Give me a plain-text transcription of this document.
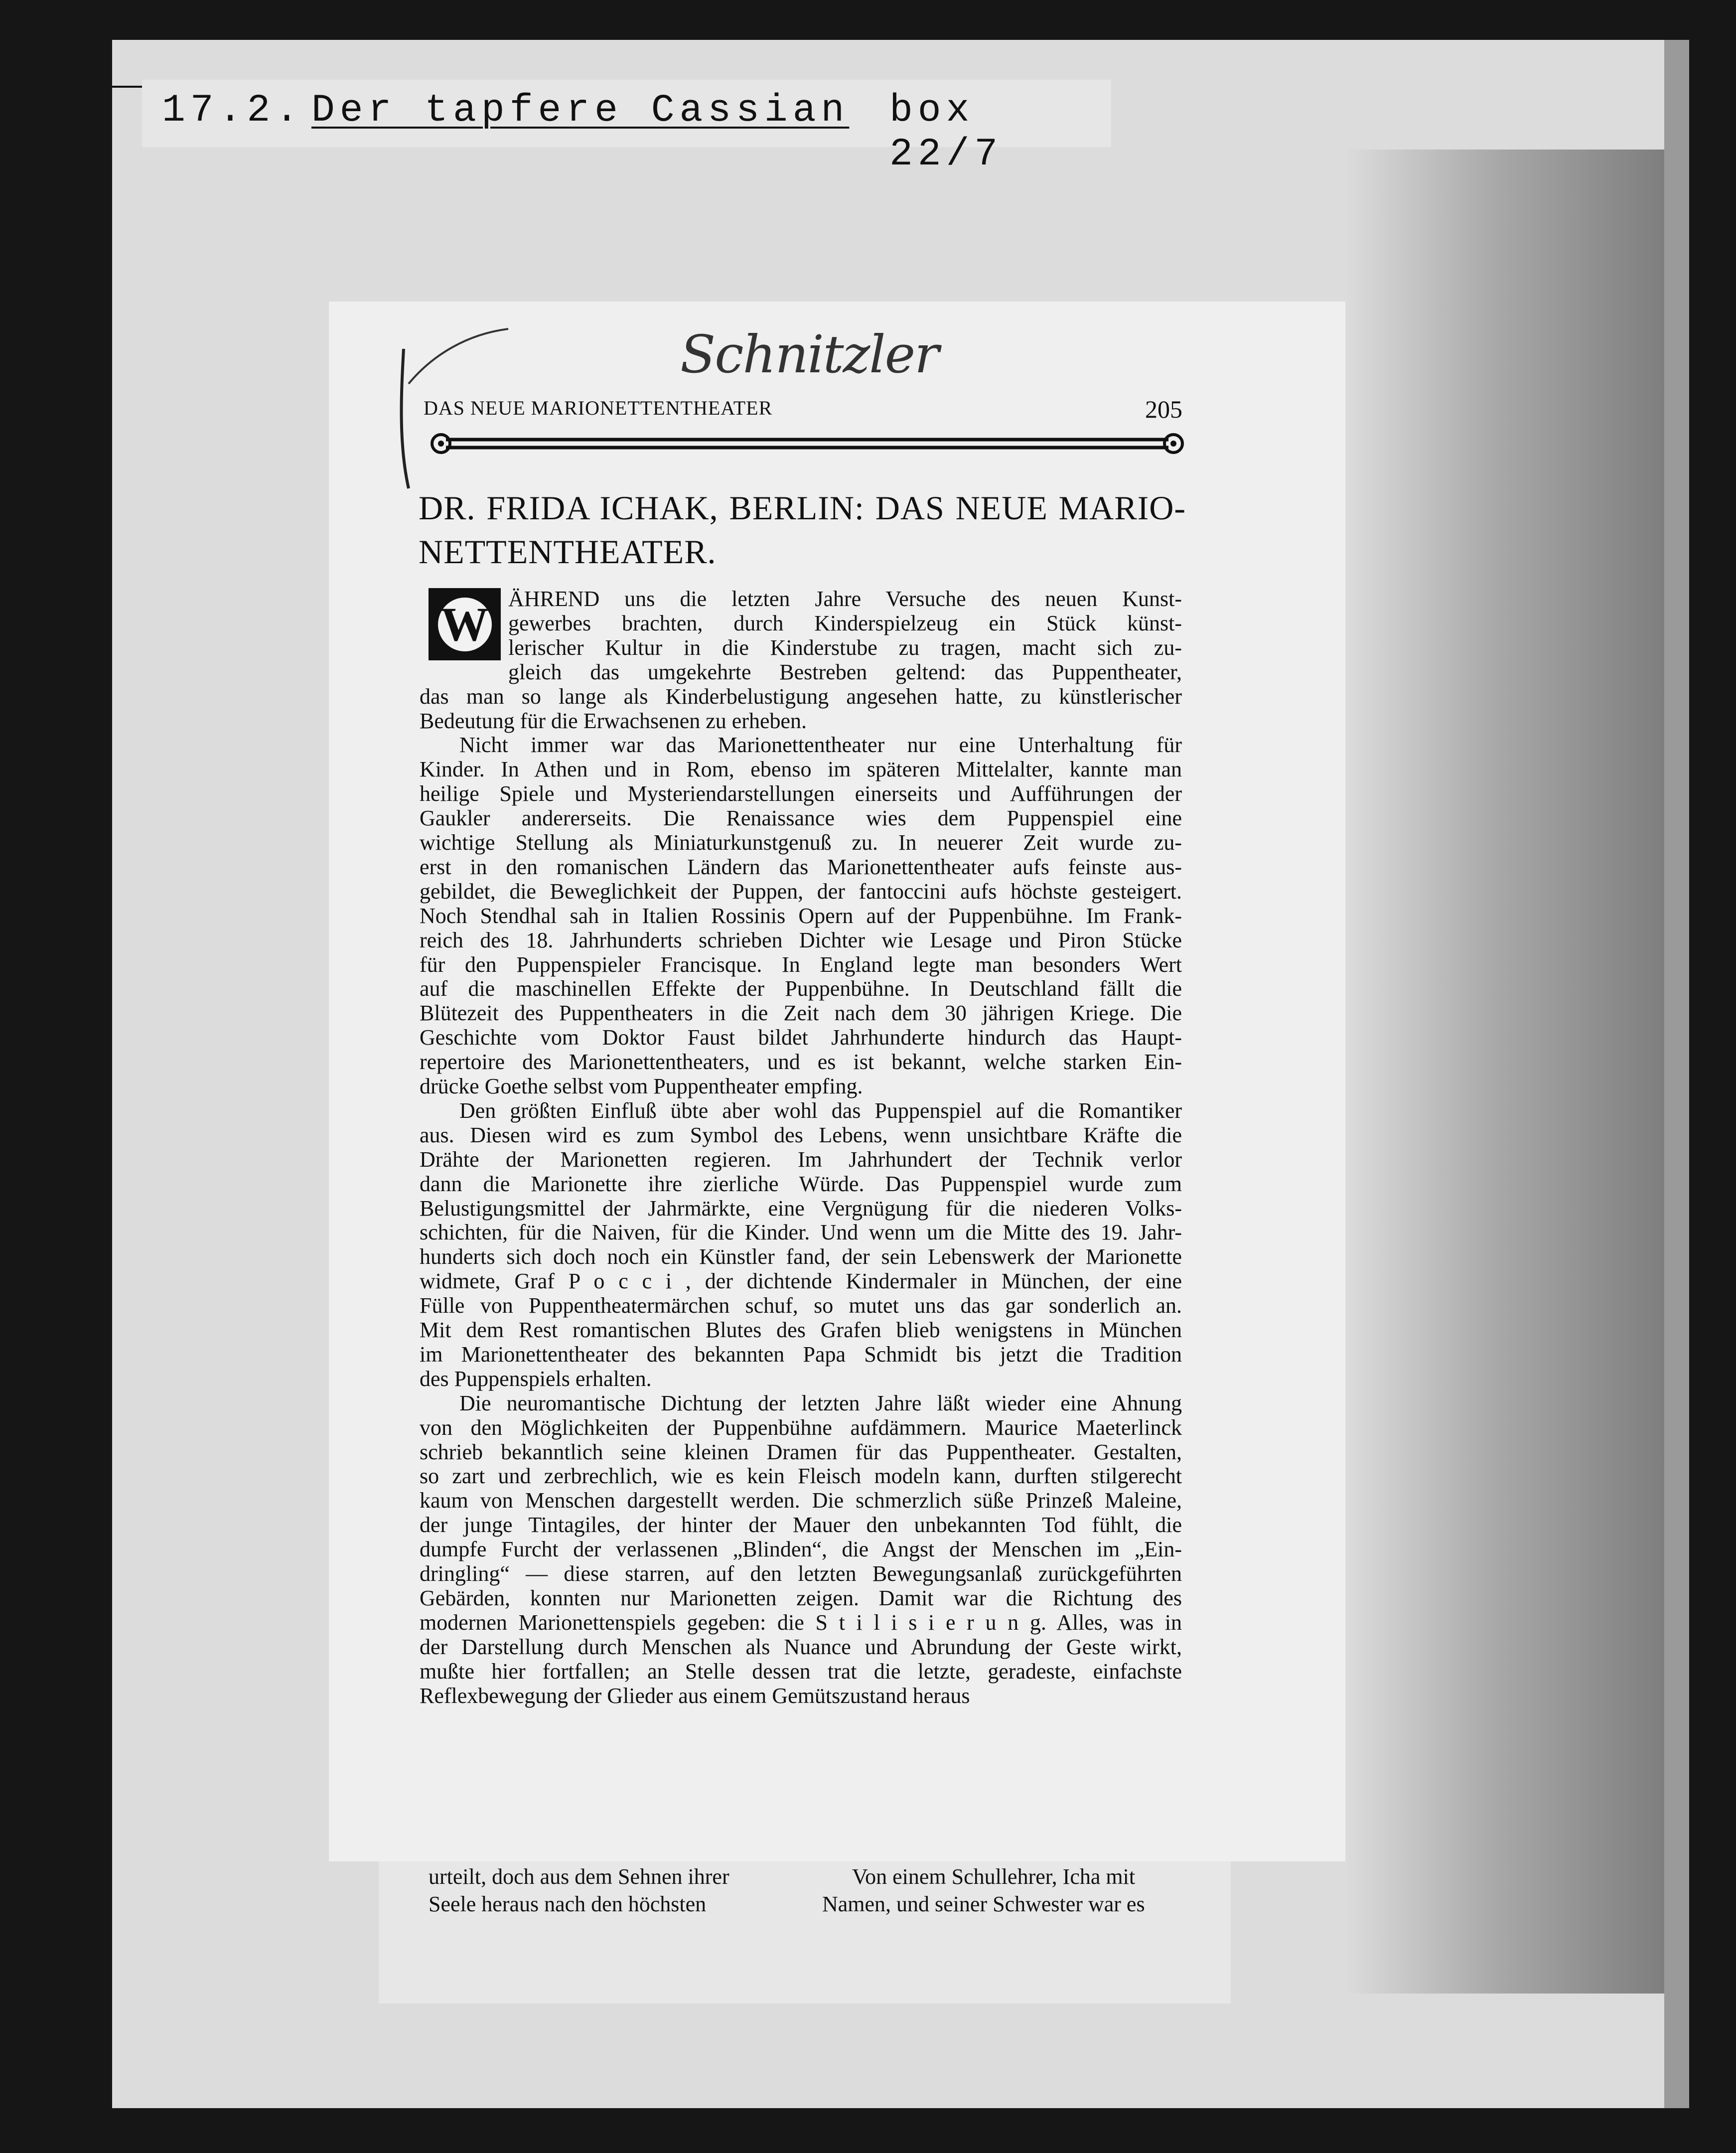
17.2. Der tapfere Cassian box 22/7
urteilt, doch aus dem Sehnen ihrer
Seele heraus nach den höchsten
Von einem Schullehrer, Icha mit
Namen, und seiner Schwester war es
Schnitzler
DAS NEUE MARIONETTENTHEATER	205
DR. FRIDA ICHAK, BERLIN: DAS NEUE MARIO-
NETTENTHEATER.
W ÄHREND uns die letzten Jahre Versuche des neuen Kunst-
gewerbes brachten, durch Kinderspielzeug ein Stück künst-
lerischer Kultur in die Kinderstube zu tragen, macht sich zu-
gleich das umgekehrte Bestreben geltend: das Puppentheater,
das man so lange als Kinderbelustigung angesehen hatte, zu künstlerischer
Bedeutung für die Erwachsenen zu erheben.
Nicht immer war das Marionettentheater nur eine Unterhaltung für
Kinder. In Athen und in Rom, ebenso im späteren Mittelalter, kannte man
heilige Spiele und Mysteriendarstellungen einerseits und Aufführungen der
Gaukler andererseits. Die Renaissance wies dem Puppenspiel eine
wichtige Stellung als Miniaturkunstgenuß zu. In neuerer Zeit wurde zu-
erst in den romanischen Ländern das Marionettentheater aufs feinste aus-
gebildet, die Beweglichkeit der Puppen, der fantoccini aufs höchste gesteigert.
Noch Stendhal sah in Italien Rossinis Opern auf der Puppenbühne. Im Frank-
reich des 18. Jahrhunderts schrieben Dichter wie Lesage und Piron Stücke
für den Puppenspieler Francisque. In England legte man besonders Wert
auf die maschinellen Effekte der Puppenbühne. In Deutschland fällt die
Blütezeit des Puppentheaters in die Zeit nach dem 30 jährigen Kriege. Die
Geschichte vom Doktor Faust bildet Jahrhunderte hindurch das Haupt-
repertoire des Marionettentheaters, und es ist bekannt, welche starken Ein-
drücke Goethe selbst vom Puppentheater empfing.
Den größten Einfluß übte aber wohl das Puppenspiel auf die Romantiker
aus. Diesen wird es zum Symbol des Lebens, wenn unsichtbare Kräfte die
Drähte der Marionetten regieren. Im Jahrhundert der Technik verlor
dann die Marionette ihre zierliche Würde. Das Puppenspiel wurde zum
Belustigungsmittel der Jahrmärkte, eine Vergnügung für die niederen Volks-
schichten, für die Naiven, für die Kinder. Und wenn um die Mitte des 19. Jahr-
hunderts sich doch noch ein Künstler fand, der sein Lebenswerk der Marionette
widmete, Graf P o c c i , der dichtende Kindermaler in München, der eine
Fülle von Puppentheatermärchen schuf, so mutet uns das gar sonderlich an.
Mit dem Rest romantischen Blutes des Grafen blieb wenigstens in München
im Marionettentheater des bekannten Papa Schmidt bis jetzt die Tradition
des Puppenspiels erhalten.
Die neuromantische Dichtung der letzten Jahre läßt wieder eine Ahnung
von den Möglichkeiten der Puppenbühne aufdämmern. Maurice Maeterlinck
schrieb bekanntlich seine kleinen Dramen für das Puppentheater. Gestalten,
so zart und zerbrechlich, wie es kein Fleisch modeln kann, durften stilgerecht
kaum von Menschen dargestellt werden. Die schmerzlich süße Prinzeß Maleine,
der junge Tintagiles, der hinter der Mauer den unbekannten Tod fühlt, die
dumpfe Furcht der verlassenen „Blinden“, die Angst der Menschen im „Ein-
dringling“ — diese starren, auf den letzten Bewegungsanlaß zurückgeführten
Gebärden, konnten nur Marionetten zeigen. Damit war die Richtung des
modernen Marionettenspiels gegeben: die S t i l i s i e r u n g. Alles, was in
der Darstellung durch Menschen als Nuance und Abrundung der Geste wirkt,
mußte hier fortfallen; an Stelle dessen trat die letzte, geradeste, einfachste
Reflexbewegung der Glieder aus einem Gemütszustand heraus
